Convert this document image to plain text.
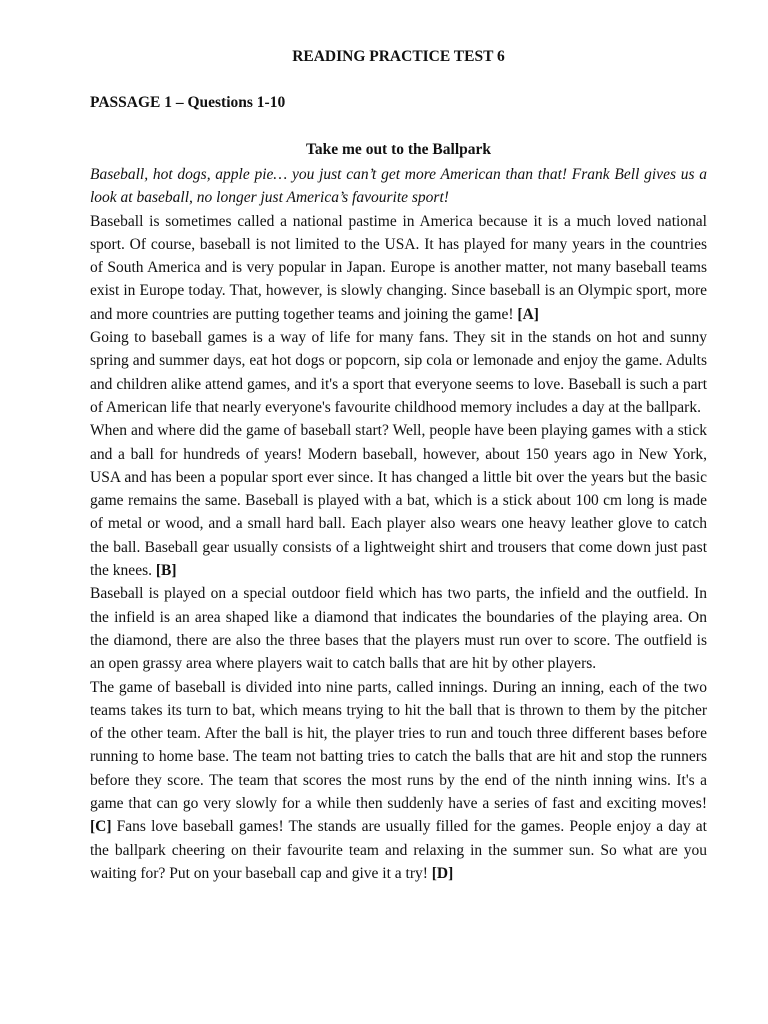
READING PRACTICE TEST 6

PASSAGE 1 – Questions 1-10

Take me out to the Ballpark

Baseball, hot dogs, apple pie… you just can’t get more American than that! Frank Bell gives us a look at baseball, no longer just America’s favourite sport!

Baseball is sometimes called a national pastime in America because it is a much loved national sport. Of course, baseball is not limited to the USA. It has played for many years in the countries of South America and is very popular in Japan. Europe is another matter, not many baseball teams exist in Europe today. That, however, is slowly changing. Since baseball is an Olympic sport, more and more countries are putting together teams and joining the game! [A]

Going to baseball games is a way of life for many fans. They sit in the stands on hot and sunny spring and summer days, eat hot dogs or popcorn, sip cola or lemonade and enjoy the game. Adults and children alike attend games, and it's a sport that everyone seems to love. Baseball is such a part of American life that nearly everyone's favourite childhood memory includes a day at the ballpark.

When and where did the game of baseball start? Well, people have been playing games with a stick and a ball for hundreds of years! Modern baseball, however, about 150 years ago in New York, USA and has been a popular sport ever since. It has changed a little bit over the years but the basic game remains the same. Baseball is played with a bat, which is a stick about 100 cm long is made of metal or wood, and a small hard ball. Each player also wears one heavy leather glove to catch the ball. Baseball gear usually consists of a lightweight shirt and trousers that come down just past the knees. [B]

Baseball is played on a special outdoor field which has two parts, the infield and the outfield. In the infield is an area shaped like a diamond that indicates the boundaries of the playing area. On the diamond, there are also the three bases that the players must run over to score. The outfield is an open grassy area where players wait to catch balls that are hit by other players.

The game of baseball is divided into nine parts, called innings. During an inning, each of the two teams takes its turn to bat, which means trying to hit the ball that is thrown to them by the pitcher of the other team. After the ball is hit, the player tries to run and touch three different bases before running to home base. The team not batting tries to catch the balls that are hit and stop the runners before they score. The team that scores the most runs by the end of the ninth inning wins. It's a game that can go very slowly for a while then suddenly have a series of fast and exciting moves! [C] Fans love baseball games! The stands are usually filled for the games. People enjoy a day at the ballpark cheering on their favourite team and relaxing in the summer sun. So what are you waiting for? Put on your baseball cap and give it a try! [D]
